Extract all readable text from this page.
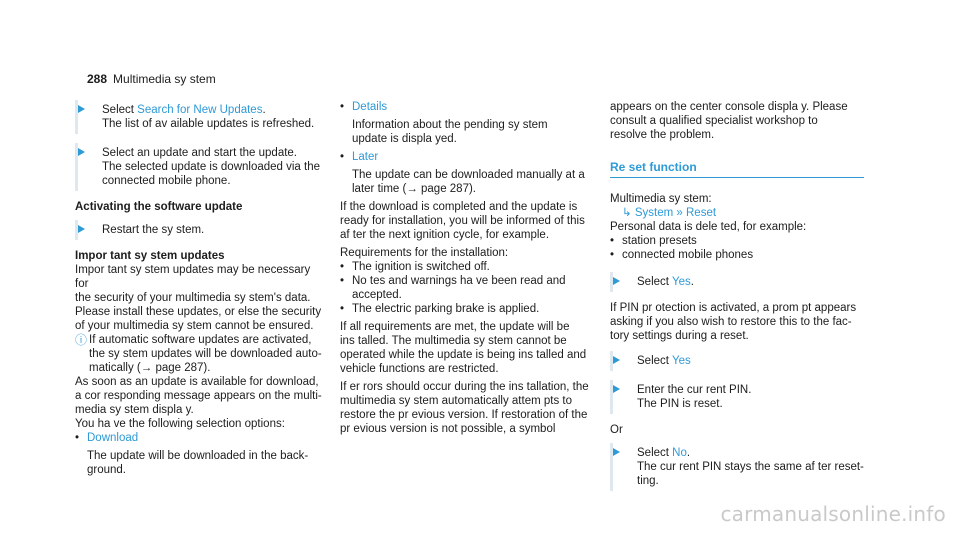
288 Multimedia sy stem
Select Search for New Updates.
The list of av ailable updates is refreshed.
Select an update and start the update.
The selected update is downloaded via the
connected mobile phone.

Activating the software update

Restart the sy stem.

Impor tant sy stem updates

Impor tant sy stem updates may be necessary for

the security of your multimedia sy stem's data.

Please install these updates, or else the security

of your multimedia sy stem cannot be ensured.

ⓘ If automatic software updates are activated,

the sy stem updates will be downloaded auto‐

matically (→ page 287).

As soon as an update is available for download,

a cor responding message appears on the multi‐

media sy stem displa y.

You ha ve the following selection options:

• Download

The update will be downloaded in the back‐

ground.

• Details

Information about the pending sy stem

update is displa yed.

• Later

The update can be downloaded manually at a

later time (→ page 287).

If the download is completed and the update is

ready for installation, you will be informed of this

af ter the next ignition cycle, for example.

Requirements for the installation:

• The ignition is switched off.

• No tes and warnings ha ve been read and

accepted.

• The electric parking brake is applied.

If all requirements are met, the update will be

ins talled. The multimedia sy stem cannot be

operated while the update is being ins talled and

vehicle functions are restricted.

If er rors should occur during the ins tallation, the

multimedia sy stem automatically attem pts to

restore the pr evious version. If restoration of the

pr evious version is not possible, a symbol

appears on the center console displa y. Please

consult a qualified specialist workshop to

resolve the problem.

Re set function

Multimedia sy stem:

↳ System » Reset

Personal data is dele ted, for example:

• station presets

• connected mobile phones

Select Yes.

If PIN pr otection is activated, a prom pt appears

asking if you also wish to restore this to the fac‐

tory settings during a reset.

Select Yes
Enter the cur rent PIN.
The PIN is reset.

Or

Select No.
The cur rent PIN stays the same af ter reset‐
ting.
carmanualsonline.info
